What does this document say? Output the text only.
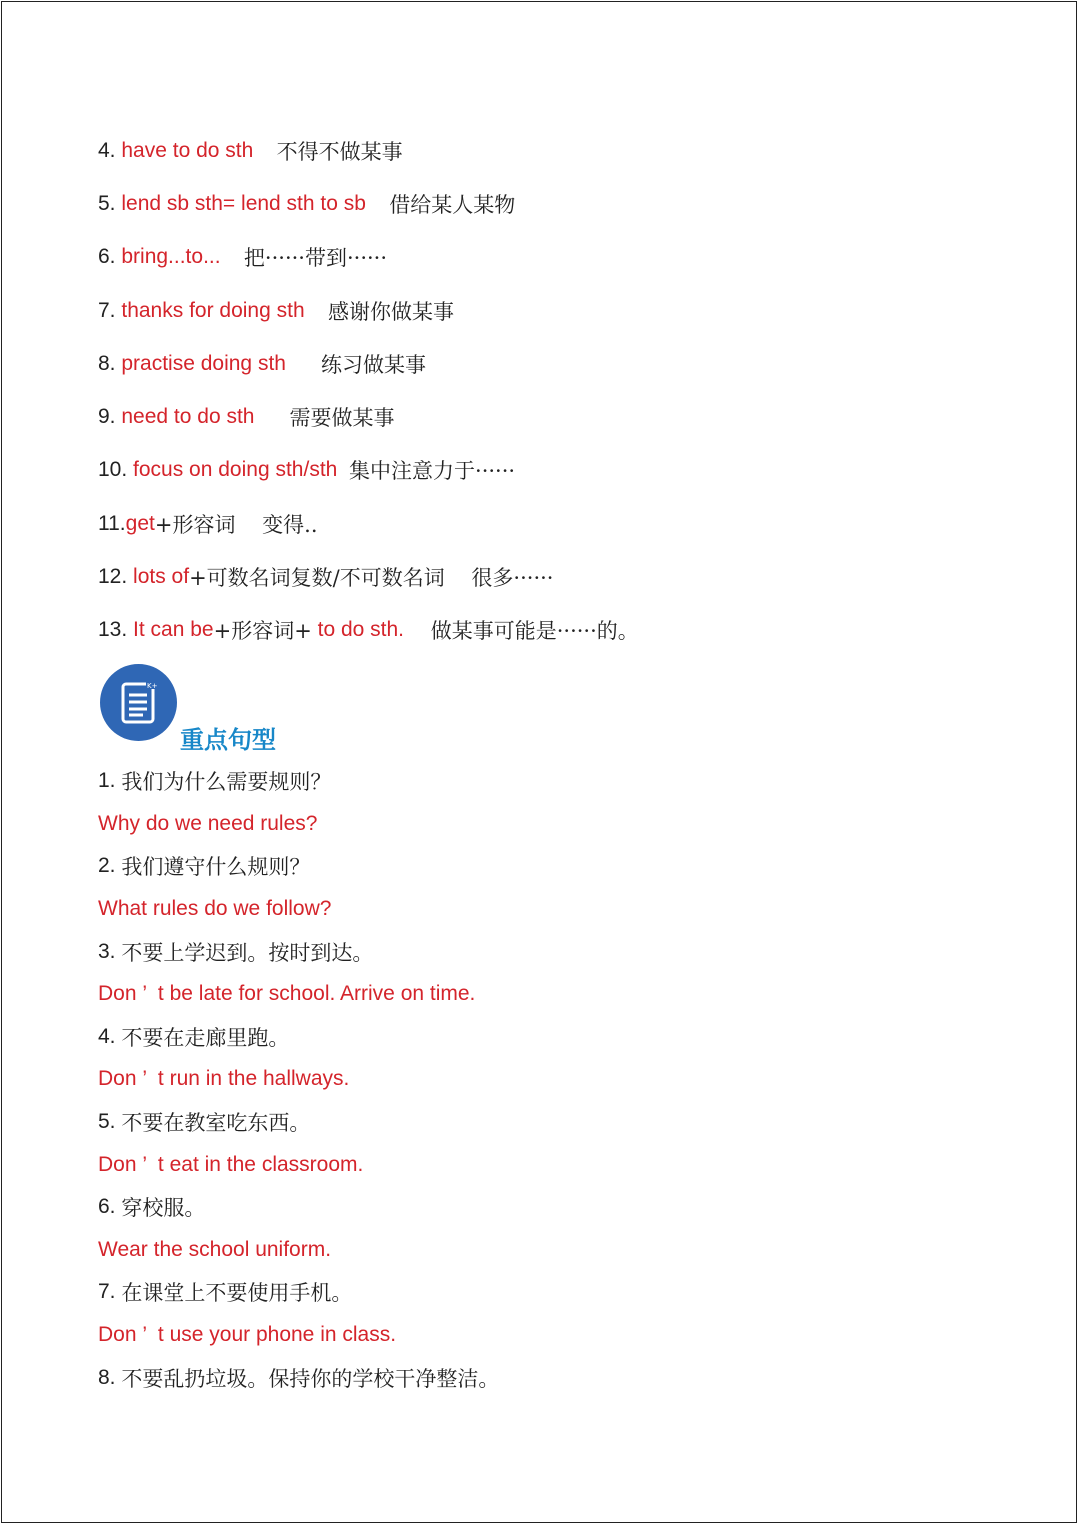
4. have to do sth
不得不做某事
5. lend sb sth= lend sth to sb
借给某人某物
6. bring...to...
把······带到······
7. thanks for doing sth
感谢你做某事
8. practise doing sth
练习做某事
9. need to do sth
需要做某事
10. focus on doing sth/sth
集中注意力于······
11. get +形容词    变得..
12. lots of +可数名词复数/不可数名词    很多······
13. It can be +形容词+ to do sth. 做某事可能是······的。
K+
重点句型
1. 我们为什么需要规则？
Why do we need rules?
2. 我们遵守什么规则？
What rules do we follow?
3. 不要上学迟到。按时到达。
Don ’  t be late for school. Arrive on time.
4. 不要在走廊里跑。
Don ’  t run in the hallways.
5. 不要在教室吃东西。
Don ’  t eat in the classroom.
6. 穿校服。
Wear the school uniform.
7. 在课堂上不要使用手机。
Don ’  t use your phone in class.
8. 不要乱扔垃圾。保持你的学校干净整洁。
